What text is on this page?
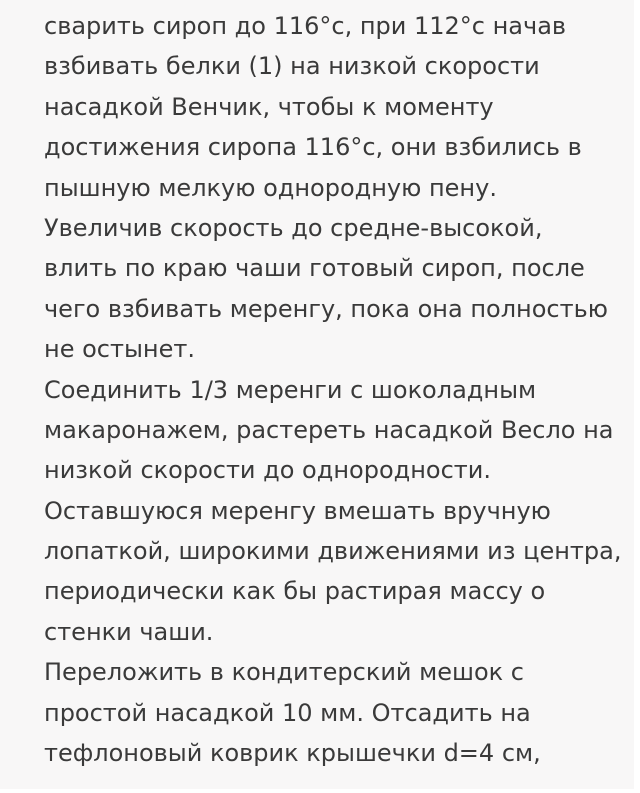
сварить сироп до 116°с, при 112°с начав
взбивать белки (1) на низкой скорости
насадкой Венчик, чтобы к моменту
достижения сиропа 116°с, они взбились в
пышную мелкую однородную пену.
Увеличив скорость до средне-высокой,
влить по краю чаши готовый сироп, после
чего взбивать меренгу, пока она полностью
не остынет.
Соединить 1/3 меренги с шоколадным
макаронажем, растереть насадкой Весло на
низкой скорости до однородности.
Оставшуюся меренгу вмешать вручную
лопаткой, широкими движениями из центра,
периодически как бы растирая массу о
стенки чаши.
Переложить в кондитерский мешок с
простой насадкой 10 мм. Отсадить на
тефлоновый коврик крышечки d=4 см,
